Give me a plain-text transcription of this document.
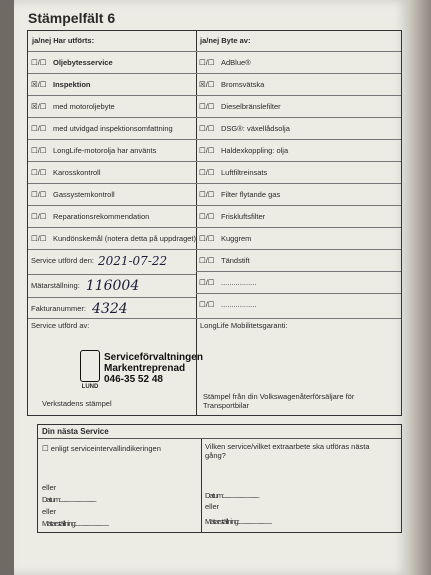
Stämpelfält 6
ja/nej Har utförts:	ja/nej Byte av:
☐/☐ Oljebytesservice
☒/☐ Inspektion
☒/☐ med motoroljebyte
☐/☐ med utvidgad inspektionsomfattning
☐/☐ LongLife-motorolja har använts
☐/☐ Karosskontroll
☐/☐ Gassystemkontroll
☐/☐ Reparationsrekommendation
☐/☐ Kundönskemål (notera detta på uppdraget)
☐/☐ AdBlue®
☒/☐ Bromsvätska
☐/☐ Dieselbränslefilter
☐/☐ DSG®: växellådsolja
☐/☐ Haldexkoppling: olja
☐/☐ Luftfiltreinsats
☐/☐ Filter flytande gas
☐/☐ Friskluftsfilter
☐/☐ Kuggrem
☐/☐ Tändstift
☐/☐ .................
☐/☐ .................
Service utförd den: 2021-07-22
Mätarställning: 116004
Fakturanummer: 4324
Service utförd av:	LongLife Mobilitetsgaranti:
LUND
Serviceförvaltningen
Markentreprenad
046-35 52 48
Verkstadens stämpel
Stämpel från din Volkswagenåterförsäljare för Transportbilar
Din nästa Service
☐ enligt serviceintervallindikeringen
eller
Datum:.................................
eller
Mätarställning:..............................
Vilken service/vilket extraarbete ska utföras nästa gång?
Datum:.................................
eller
Mätarställning:..............................
